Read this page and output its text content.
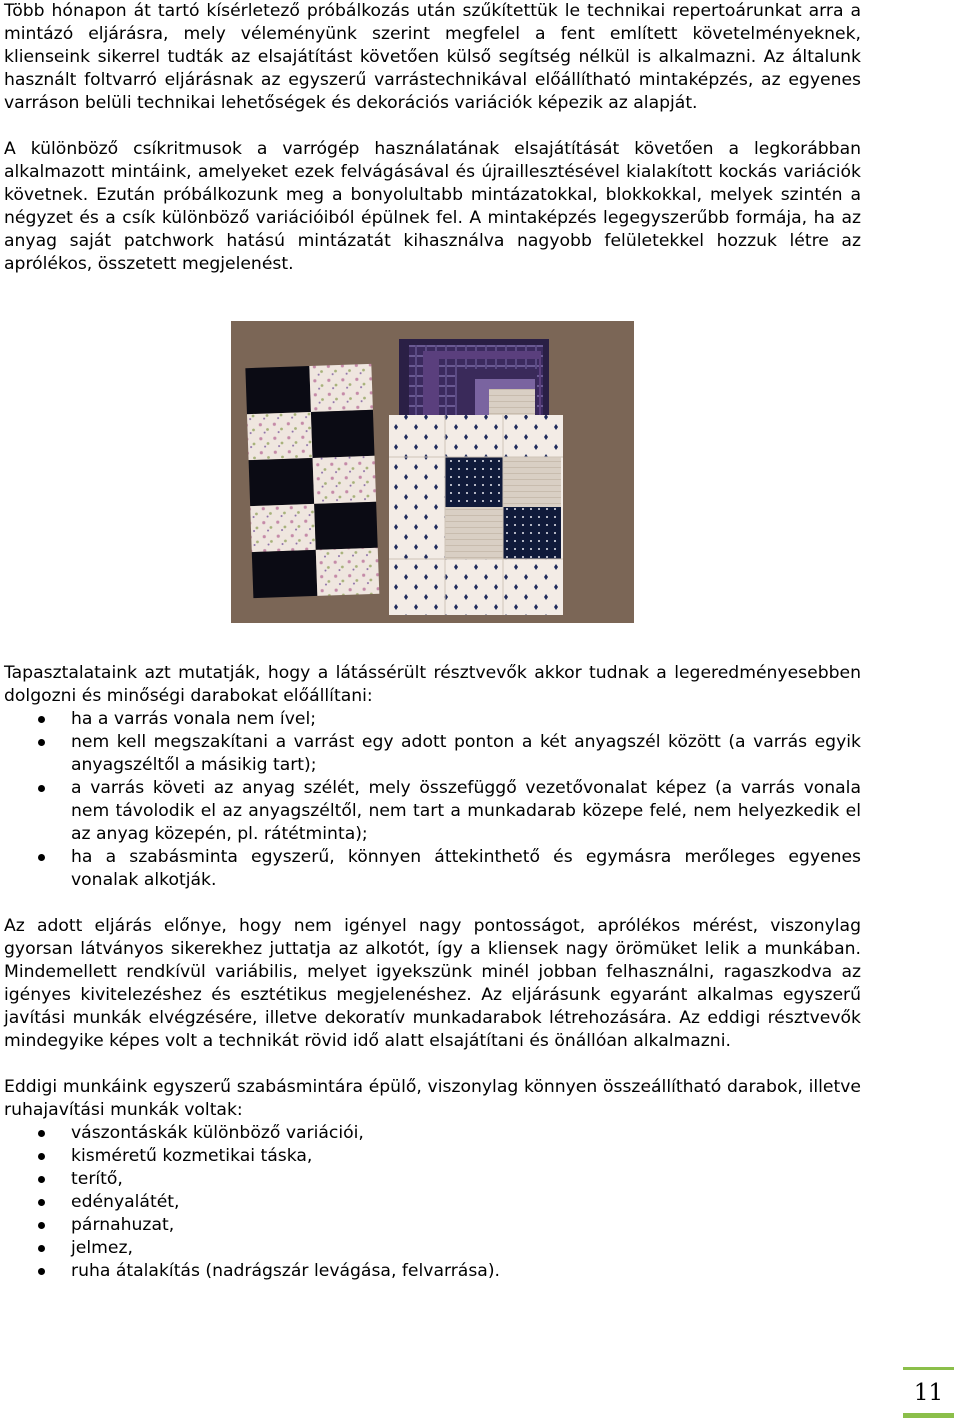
Több hónapon át tartó kísérletező próbálkozás után szűkítettük le technikai repertoárunkat arra a mintázó eljárásra, mely véleményünk szerint megfelel a fent említett követelményeknek, klienseink sikerrel tudták az elsajátítást követően külső segítség nélkül is alkalmazni. Az általunk használt foltvarró eljárásnak az egyszerű varrástechnikával előállítható mintaképzés, az egyenes varráson belüli technikai lehetőségek és dekorációs variációk képezik az alapját.

A különböző csíkritmusok a varrógép használatának elsajátítását követően a legkorábban alkalmazott mintáink, amelyeket ezek felvágásával és újraillesztésével kialakított kockás variációk követnek. Ezután próbálkozunk meg a bonyolultabb mintázatokkal, blokkokkal, melyek szintén a négyzet és a csík különböző variációiból épülnek fel. A mintaképzés legegyszerűbb formája, ha az anyag saját patchwork hatású mintázatát kihasználva nagyobb felületekkel hozzuk létre az aprólékos, összetett megjelenést.

Tapasztalataink azt mutatják, hogy a látássérült résztvevők akkor tudnak a legeredményesebben dolgozni és minőségi darabokat előállítani:

ha a varrás vonala nem ível;
nem kell megszakítani a varrást egy adott ponton a két anyagszél között (a varrás egyik anyagszéltől a másikig tart);
a varrás követi az anyag szélét, mely összefüggő vezetővonalat képez (a varrás vonala nem távolodik el az anyagszéltől, nem tart a munkadarab közepe felé, nem helyezkedik el az anyag közepén, pl. rátétminta);
ha a szabásminta egyszerű, könnyen áttekinthető és egymásra merőleges egyenes vonalak alkotják.

Az adott eljárás előnye, hogy nem igényel nagy pontosságot, aprólékos mérést, viszonylag gyorsan látványos sikerekhez juttatja az alkotót, így a kliensek nagy örömüket lelik a munkában. Mindemellett rendkívül variábilis, melyet igyekszünk minél jobban felhasználni, ragaszkodva az igényes kivitelezéshez és esztétikus megjelenéshez. Az eljárásunk egyaránt alkalmas egyszerű javítási munkák elvégzésére, illetve dekoratív munkadarabok létrehozására. Az eddigi résztvevők mindegyike képes volt a technikát rövid idő alatt elsajátítani és önállóan alkalmazni.

Eddigi munkáink egyszerű szabásmintára épülő, viszonylag könnyen összeállítható darabok, illetve ruhajavítási munkák voltak:

vászontáskák különböző variációi,
kisméretű kozmetikai táska,
terítő,
edényalátét,
párnahuzat,
jelmez,
ruha átalakítás (nadrágszár levágása, felvarrása).
11
